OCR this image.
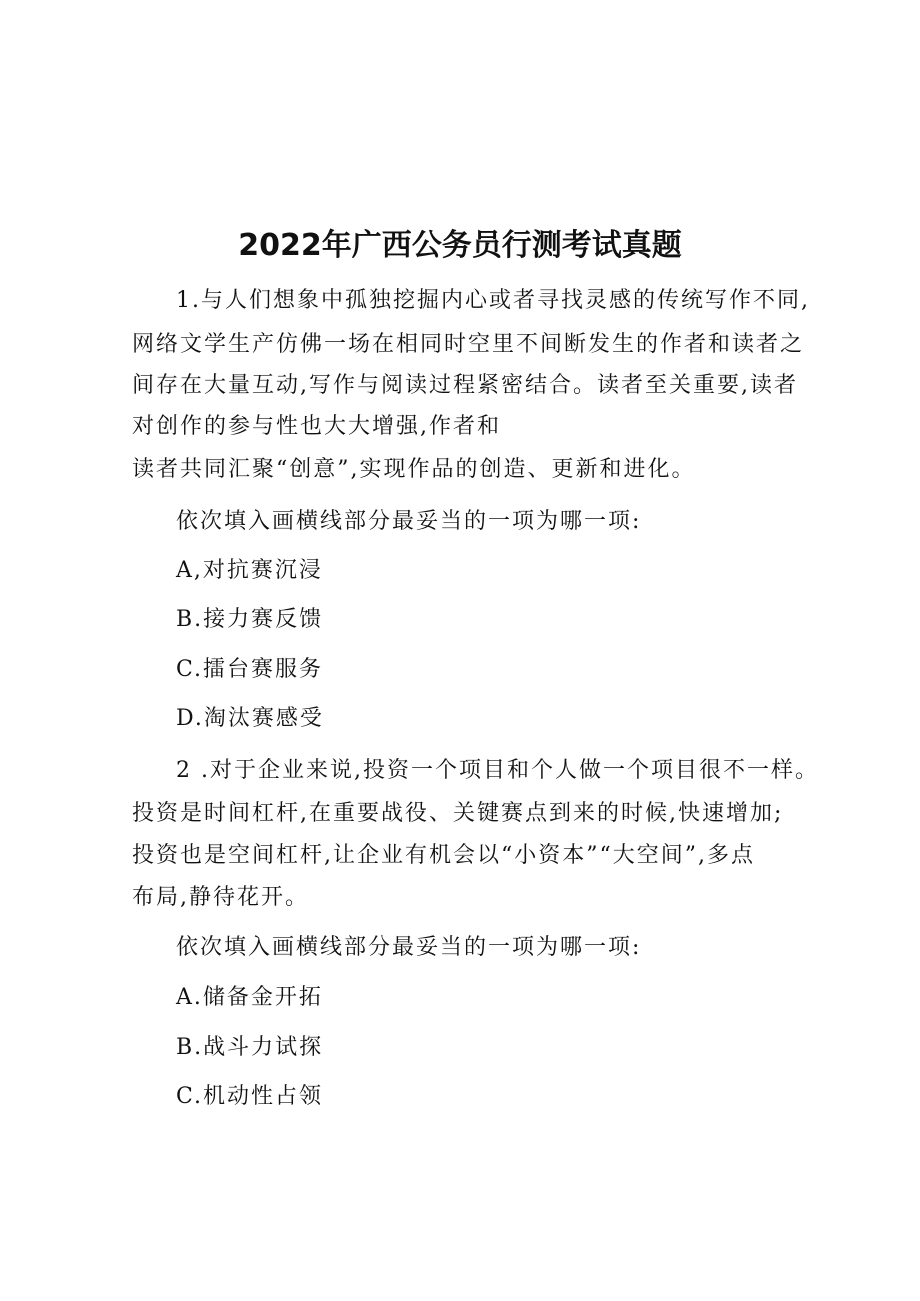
2022年广西公务员行测考试真题
1.与人们想象中孤独挖掘内心或者寻找灵感的传统写作不同,
网络文学生产仿佛一场在相同时空里不间断发生的作者和读者之
间存在大量互动,写作与阅读过程紧密结合。读者至关重要,读者
对创作的参与性也大大增强,作者和
读者共同汇聚“创意”,实现作品的创造、更新和进化。
依次填入画横线部分最妥当的一项为哪一项:
A,对抗赛沉浸
B.接力赛反馈
C.擂台赛服务
D.淘汰赛感受
2 .对于企业来说,投资一个项目和个人做一个项目很不一样。
投资是时间杠杆,在重要战役、关键赛点到来的时候,快速增加;
投资也是空间杠杆,让企业有机会以“小资本”“大空间”,多点
布局,静待花开。
依次填入画横线部分最妥当的一项为哪一项:
A.储备金开拓
B.战斗力试探
C.机动性占领
